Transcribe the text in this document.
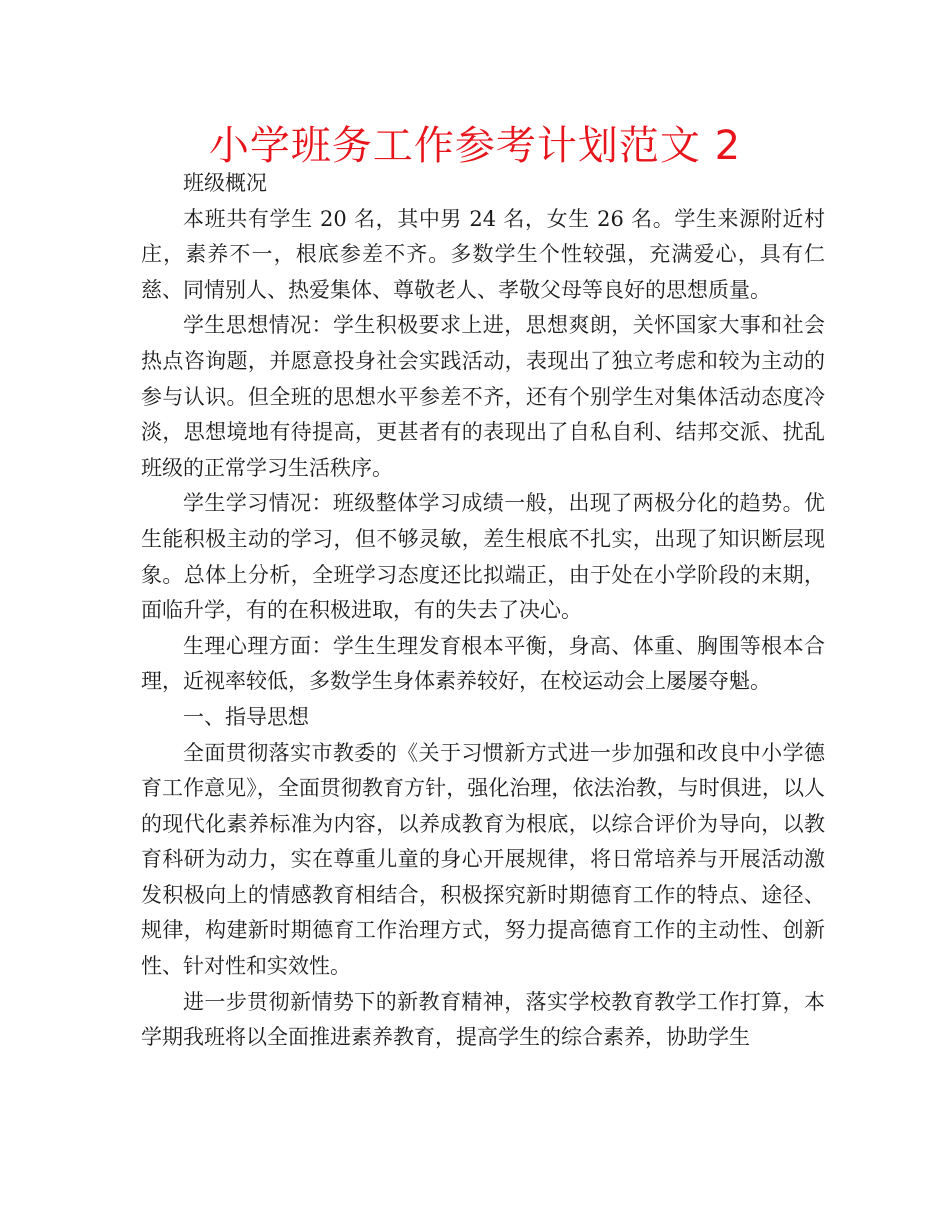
小学班务工作参考计划范文 2

班级概况

本班共有学生 20 名，其中男 24 名，女生 26 名。学生来源附近村庄，素养不一，根底参差不齐。多数学生个性较强，充满爱心，具有仁慈、同情别人、热爱集体、尊敬老人、孝敬父母等良好的思想质量。

学生思想情况：学生积极要求上进，思想爽朗，关怀国家大事和社会热点咨询题，并愿意投身社会实践活动，表现出了独立考虑和较为主动的参与认识。但全班的思想水平参差不齐，还有个别学生对集体活动态度冷淡，思想境地有待提高，更甚者有的表现出了自私自利、结邦交派、扰乱班级的正常学习生活秩序。

学生学习情况：班级整体学习成绩一般，出现了两极分化的趋势。优生能积极主动的学习，但不够灵敏，差生根底不扎实，出现了知识断层现象。总体上分析，全班学习态度还比拟端正，由于处在小学阶段的末期，面临升学，有的在积极进取，有的失去了决心。

生理心理方面：学生生理发育根本平衡，身高、体重、胸围等根本合理，近视率较低，多数学生身体素养较好，在校运动会上屡屡夺魁。

一、指导思想

全面贯彻落实市教委的《关于习惯新方式进一步加强和改良中小学德育工作意见》，全面贯彻教育方针，强化治理，依法治教，与时俱进，以人的现代化素养标准为内容，以养成教育为根底，以综合评价为导向，以教育科研为动力，实在尊重儿童的身心开展规律，将日常培养与开展活动激发积极向上的情感教育相结合，积极探究新时期德育工作的特点、途径、规律，构建新时期德育工作治理方式，努力提高德育工作的主动性、创新性、针对性和实效性。

进一步贯彻新情势下的新教育精神，落实学校教育教学工作打算，本学期我班将以全面推进素养教育，提高学生的综合素养，协助学生
